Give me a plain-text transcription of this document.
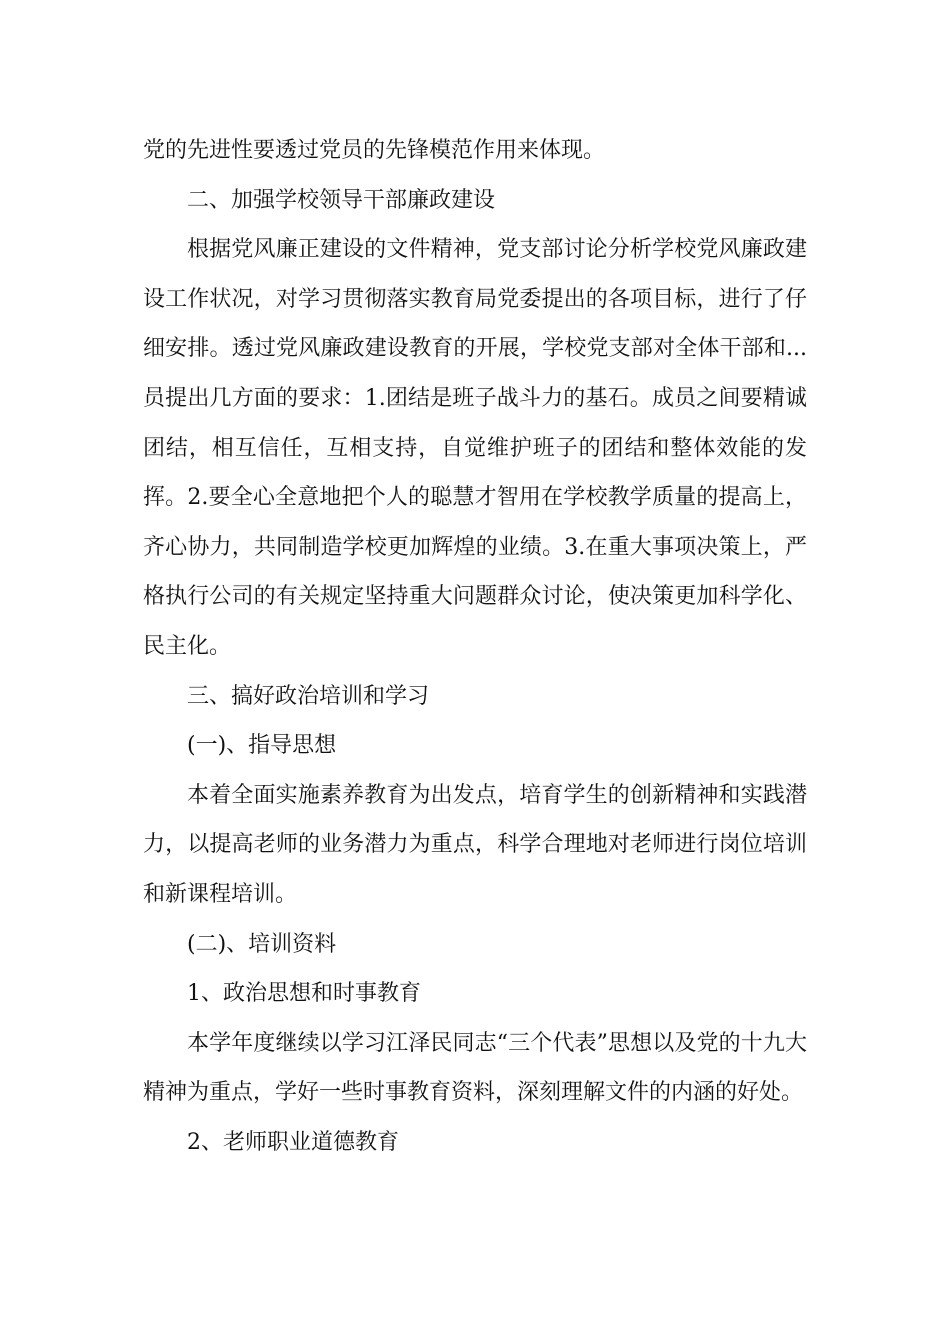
党的先进性要透过党员的先锋模范作用来体现。

二、加强学校领导干部廉政建设

根据党风廉正建设的文件精神，党支部讨论分析学校党风廉政建设工作状况，对学习贯彻落实教育局党委提出的各项目标，进行了仔细安排。透过党风廉政建设教育的开展，学校党支部对全体干部和...员提出几方面的要求：1.团结是班子战斗力的基石。成员之间要精诚团结，相互信任，互相支持，自觉维护班子的团结和整体效能的发挥。2.要全心全意地把个人的聪慧才智用在学校教学质量的提高上，齐心协力，共同制造学校更加辉煌的业绩。3.在重大事项决策上，严格执行公司的有关规定坚持重大问题群众讨论，使决策更加科学化、民主化。

三、搞好政治培训和学习

(一)、指导思想

本着全面实施素养教育为出发点，培育学生的创新精神和实践潜力，以提高老师的业务潜力为重点，科学合理地对老师进行岗位培训和新课程培训。

(二)、培训资料

1、政治思想和时事教育

本学年度继续以学习江泽民同志“三个代表”思想以及党的十九大精神为重点，学好一些时事教育资料，深刻理解文件的内涵的好处。

2、老师职业道德教育
